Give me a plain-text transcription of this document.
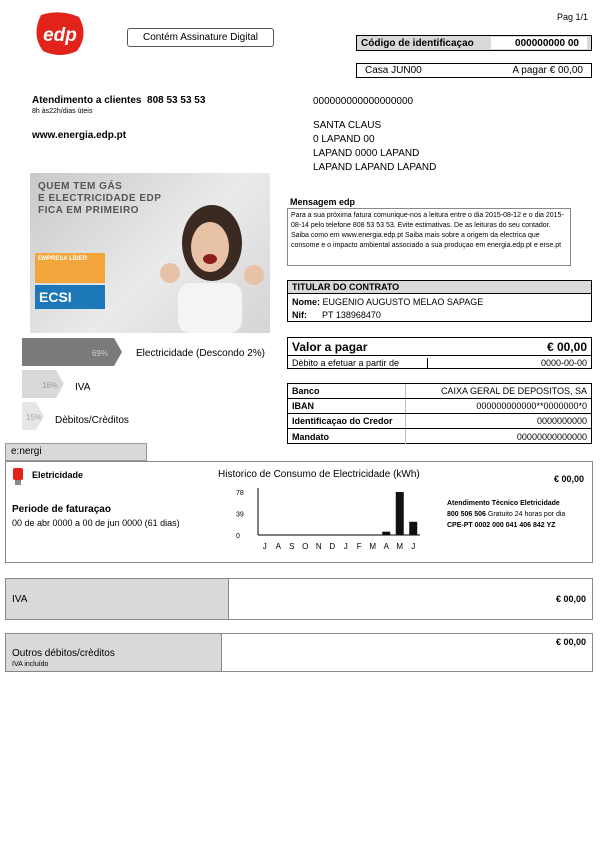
edp
Pag 1/1
Contém Assinature Digital	Código de identificaçao	000000000 00
Casa JUN00	A pagar € 00,00
Atendimento a clientes 808 53 53 53
8h às22h/dias úteis
www.energia.edp.pt
000000000000000000
SANTA CLAUS
0 LAPAND 00
LAPAND 0000 LAPAND
LAPAND LAPAND LAPAND
QUEM TEM GÁS
E ELECTRICIDADE EDP
FICA EM PRIMEIRO
EMPRESA LÍDER
ECSI
Mensagem edp
Para a sua próxima fatura comunique-nos a leitura entre o dia 2015-08-12 e o dia 2015-08-14 pelo telefone 808 53 53 53. Evite estimativas. De as leituras do seu contador. Saiba como em www.energia.edp.pt Saiba mais sobre a origem da electrica que consome e o impacto ambiental associado a sua produçao em energia.edp.pt e erse.pt
TITULAR DO CONTRATO
Nome: EUGENIO AUGUSTO MELAO SAPAGE
Nif: PT 138968470
69%
16%
15%
Electricidade (Descondo 2%)
IVA
Dèbitos/Crèditos
Valor a pagar	€ 00,00
Dèbito a efetuar a partir de	0000-00-00
Banco	CAIXA GERAL DE DEPOSITOS, SA
IBAN	000000000000**0000000*0
Identificaçao do Credor	0000000000
Mandato	00000000000000
e:nergi
Eletricidade
Periode de faturaçao
00 de abr 0000 a 00 de jun 0000 (61 dias)
€ 00,00
Atendimento Tècnico Eletricidade
800 506 506 Gratuito 24 horas por dia
CPE-PT 0002 000 041 406 842 YZ
Historico de Consumo de Electricidade (kWh)
78
39
0
J A S O N D J F M A M J
IVA	€ 00,00
Outros débitos/crèditos
IVA incluído
€ 00,00
